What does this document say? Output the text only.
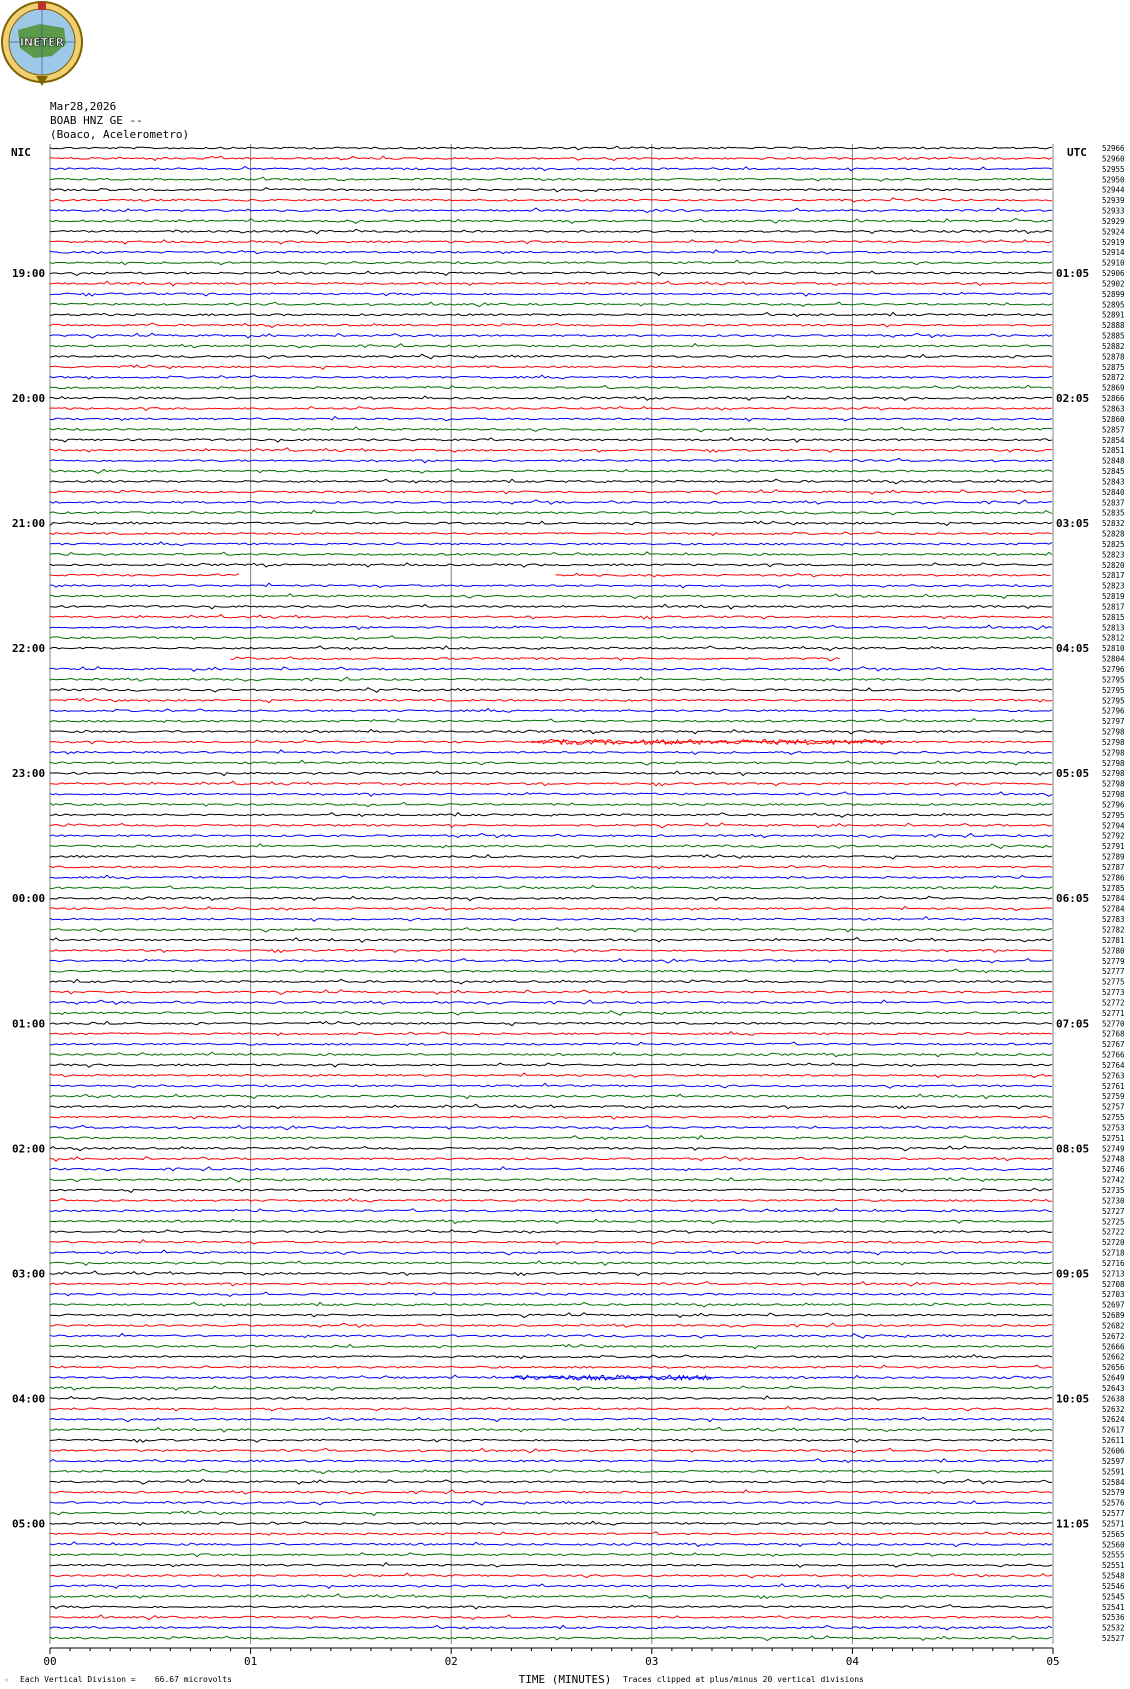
INETER
Mar28,2026
BOAB HNZ GE --
(Boaco, Acelerometro)
19:00
20:00
21:00
22:00
23:00
00:00
01:00
02:00
03:00
04:00
05:00
01:05
02:05
03:05
04:05
05:05
06:05
07:05
08:05
09:05
10:05
11:05
52966
52960
52955
52950
52944
52939
52933
52929
52924
52919
52914
52910
52906
52902
52899
52895
52891
52888
52885
52882
52878
52875
52872
52869
52866
52863
52860
52857
52854
52851
52848
52845
52843
52840
52837
52835
52832
52828
52825
52823
52820
52817
52823
52819
52817
52815
52813
52812
52810
52804
52796
52795
52795
52795
52796
52797
52798
52798
52798
52798
52798
52798
52798
52796
52795
52794
52792
52791
52789
52787
52786
52785
52784
52784
52783
52782
52781
52780
52779
52777
52775
52773
52772
52771
52770
52768
52767
52766
52764
52763
52761
52759
52757
52755
52753
52751
52749
52748
52746
52742
52735
52730
52727
52725
52722
52720
52718
52716
52713
52708
52703
52697
52689
52682
52672
52666
52662
52656
52649
52643
52638
52632
52624
52617
52611
52606
52597
52591
52584
52579
52576
52577
52571
52565
52560
52555
52551
52548
52546
52545
52541
52536
52532
52527
00	01	02	03	04	05
NIC	UTC
TIME (MINUTES)
◦ Each Vertical Division =    66.67 microvolts	Traces clipped at plus/minus 20 vertical divisions
